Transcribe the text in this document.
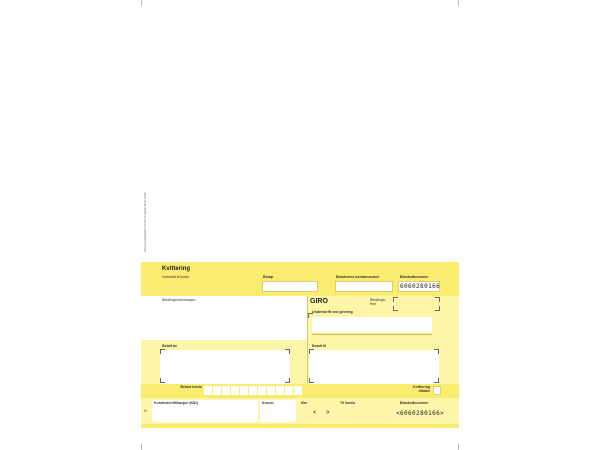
Etisa Innlogningsbok til FRS AS Sjalvfo Boros 25/25
Kvittering
Innbetalt til konto	Beløp	Betalerens kontonummer	Blankettnummer
6060280166
Betalingsinformasjon	GIRO	Betalings- frist
Underskrift ved girering
Betalt av	Betalt til
Belast konto	Kvittering tilbake
H
Kundeidentifikasjon (KID)	Kroner	Øre	Til konto	Blankettnummer
< >	<6060280166>
